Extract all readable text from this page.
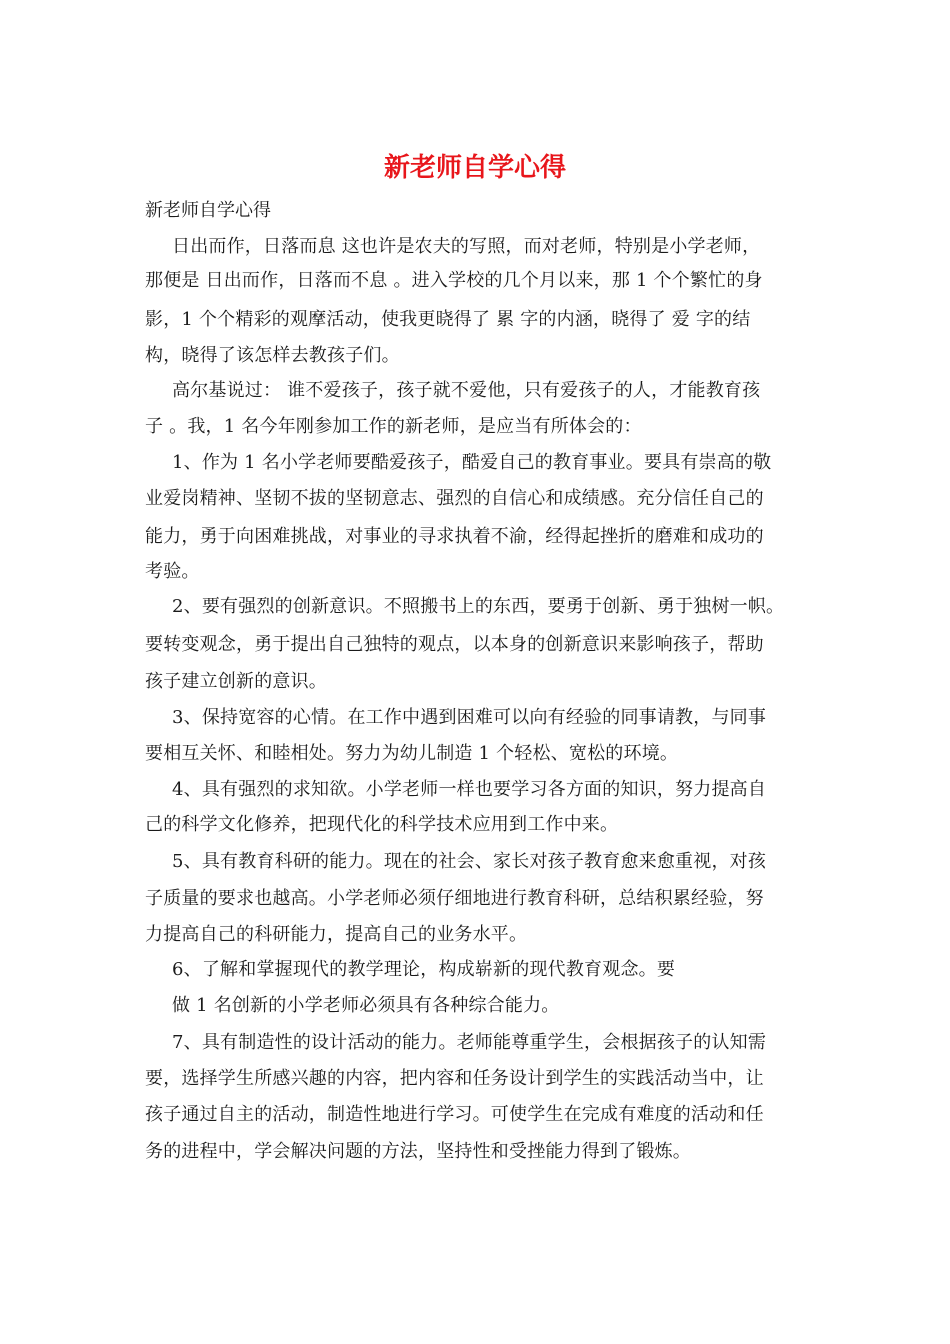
新老师自学心得
新老师自学心得
日出而作，日落而息 这也许是农夫的写照，而对老师，特别是小学老师，
那便是 日出而作，日落而不息 。进入学校的几个月以来，那 1 个个繁忙的身
影，1 个个精彩的观摩活动，使我更晓得了 累 字的内涵，晓得了 爱 字的结
构，晓得了该怎样去教孩子们。
高尔基说过： 谁不爱孩子，孩子就不爱他，只有爱孩子的人，才能教育孩
子 。我，1 名今年刚参加工作的新老师，是应当有所体会的：
1、作为 1 名小学老师要酷爱孩子，酷爱自己的教育事业。要具有崇高的敬
业爱岗精神、坚韧不拔的坚韧意志、强烈的自信心和成绩感。充分信任自己的
能力，勇于向困难挑战，对事业的寻求执着不渝，经得起挫折的磨难和成功的
考验。
2、要有强烈的创新意识。不照搬书上的东西，要勇于创新、勇于独树一帜。
要转变观念，勇于提出自己独特的观点，以本身的创新意识来影响孩子，帮助
孩子建立创新的意识。
3、保持宽容的心情。在工作中遇到困难可以向有经验的同事请教，与同事
要相互关怀、和睦相处。努力为幼儿制造 1 个轻松、宽松的环境。
4、具有强烈的求知欲。小学老师一样也要学习各方面的知识，努力提高自
己的科学文化修养，把现代化的科学技术应用到工作中来。
5、具有教育科研的能力。现在的社会、家长对孩子教育愈来愈重视，对孩
子质量的要求也越高。小学老师必须仔细地进行教育科研，总结积累经验，努
力提高自己的科研能力，提高自己的业务水平。
6、了解和掌握现代的教学理论，构成崭新的现代教育观念。要
做 1 名创新的小学老师必须具有各种综合能力。
7、具有制造性的设计活动的能力。老师能尊重学生，会根据孩子的认知需
要，选择学生所感兴趣的内容，把内容和任务设计到学生的实践活动当中，让
孩子通过自主的活动，制造性地进行学习。可使学生在完成有难度的活动和任
务的进程中，学会解决问题的方法，坚持性和受挫能力得到了锻炼。
